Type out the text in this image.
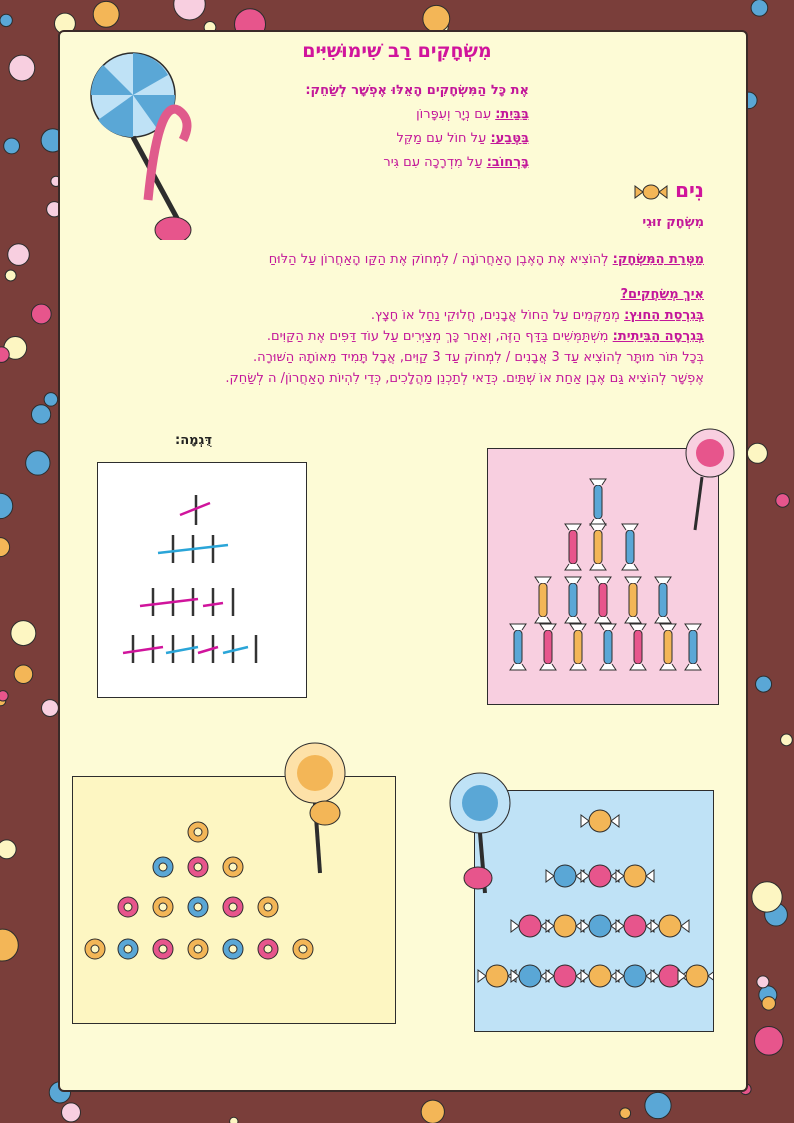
מִשְׂחָקִים רַב שִׁימוּשִׁיִּים
אֶת כָּל הַמִּשְׂחָקִים הָאֵלּוּ אֶפְשָׁר לְשַׂחֵק:
בַּבַּיִת: עִם נְיָר וְעִפָּרוֹן
בַּטֶּבַע: עַל חוֹל עִם מַקֵּל
בָּרְחוֹב: עַל מִדְרָכָה עִם גִּיר
נִים
מִשְׂחָק זוּגִי
מַטְּרַת הַמִּשְׂחָק: לְהוֹצִיא אֶת הָאֶבֶן הָאַחֲרוֹנָה / לִמְחוֹק אֶת הַקַּו הָאַחֲרוֹן עַל הַלּוּחַ
אֵיךְ מְשַׂחֲקִים?
בְּגִרְסַת הַחוּץ: מְמַקְּמִים עַל הַחוֹל אֲבָנִים, חֲלוּקֵי נַחַל אוֹ חָצָץ.
בְּגִרְסָה הַבֵּיתִית: מִשְׁתַּמְּשִׁים בַּדַּף הַזֶּה, וְאַחַר כָּךְ מְצַיְּרִים עַל עוֹד דַּפִּים אֶת הַקַּוִּים.
בְּכָל תּוֹר מוּתָּר לְהוֹצִיא עַד 3 אֲבָנִים / לִמְחוֹק עַד 3 קַוִּים, אֲבָל תָּמִיד מֵאוֹתָהּ הַשּׁוּרָה.
אֶפְשָׁר לְהוֹצִיא גַּם אֶבֶן אַחַת אוֹ שְׁתַּיִם. כְּדַאי לְתַכְנֵן מַהֲלָכִים, כְּדֵי לִהְיוֹת הָאַחֲרוֹן/ ה לְשַׂחֵק.
דֻּגְמָה:
